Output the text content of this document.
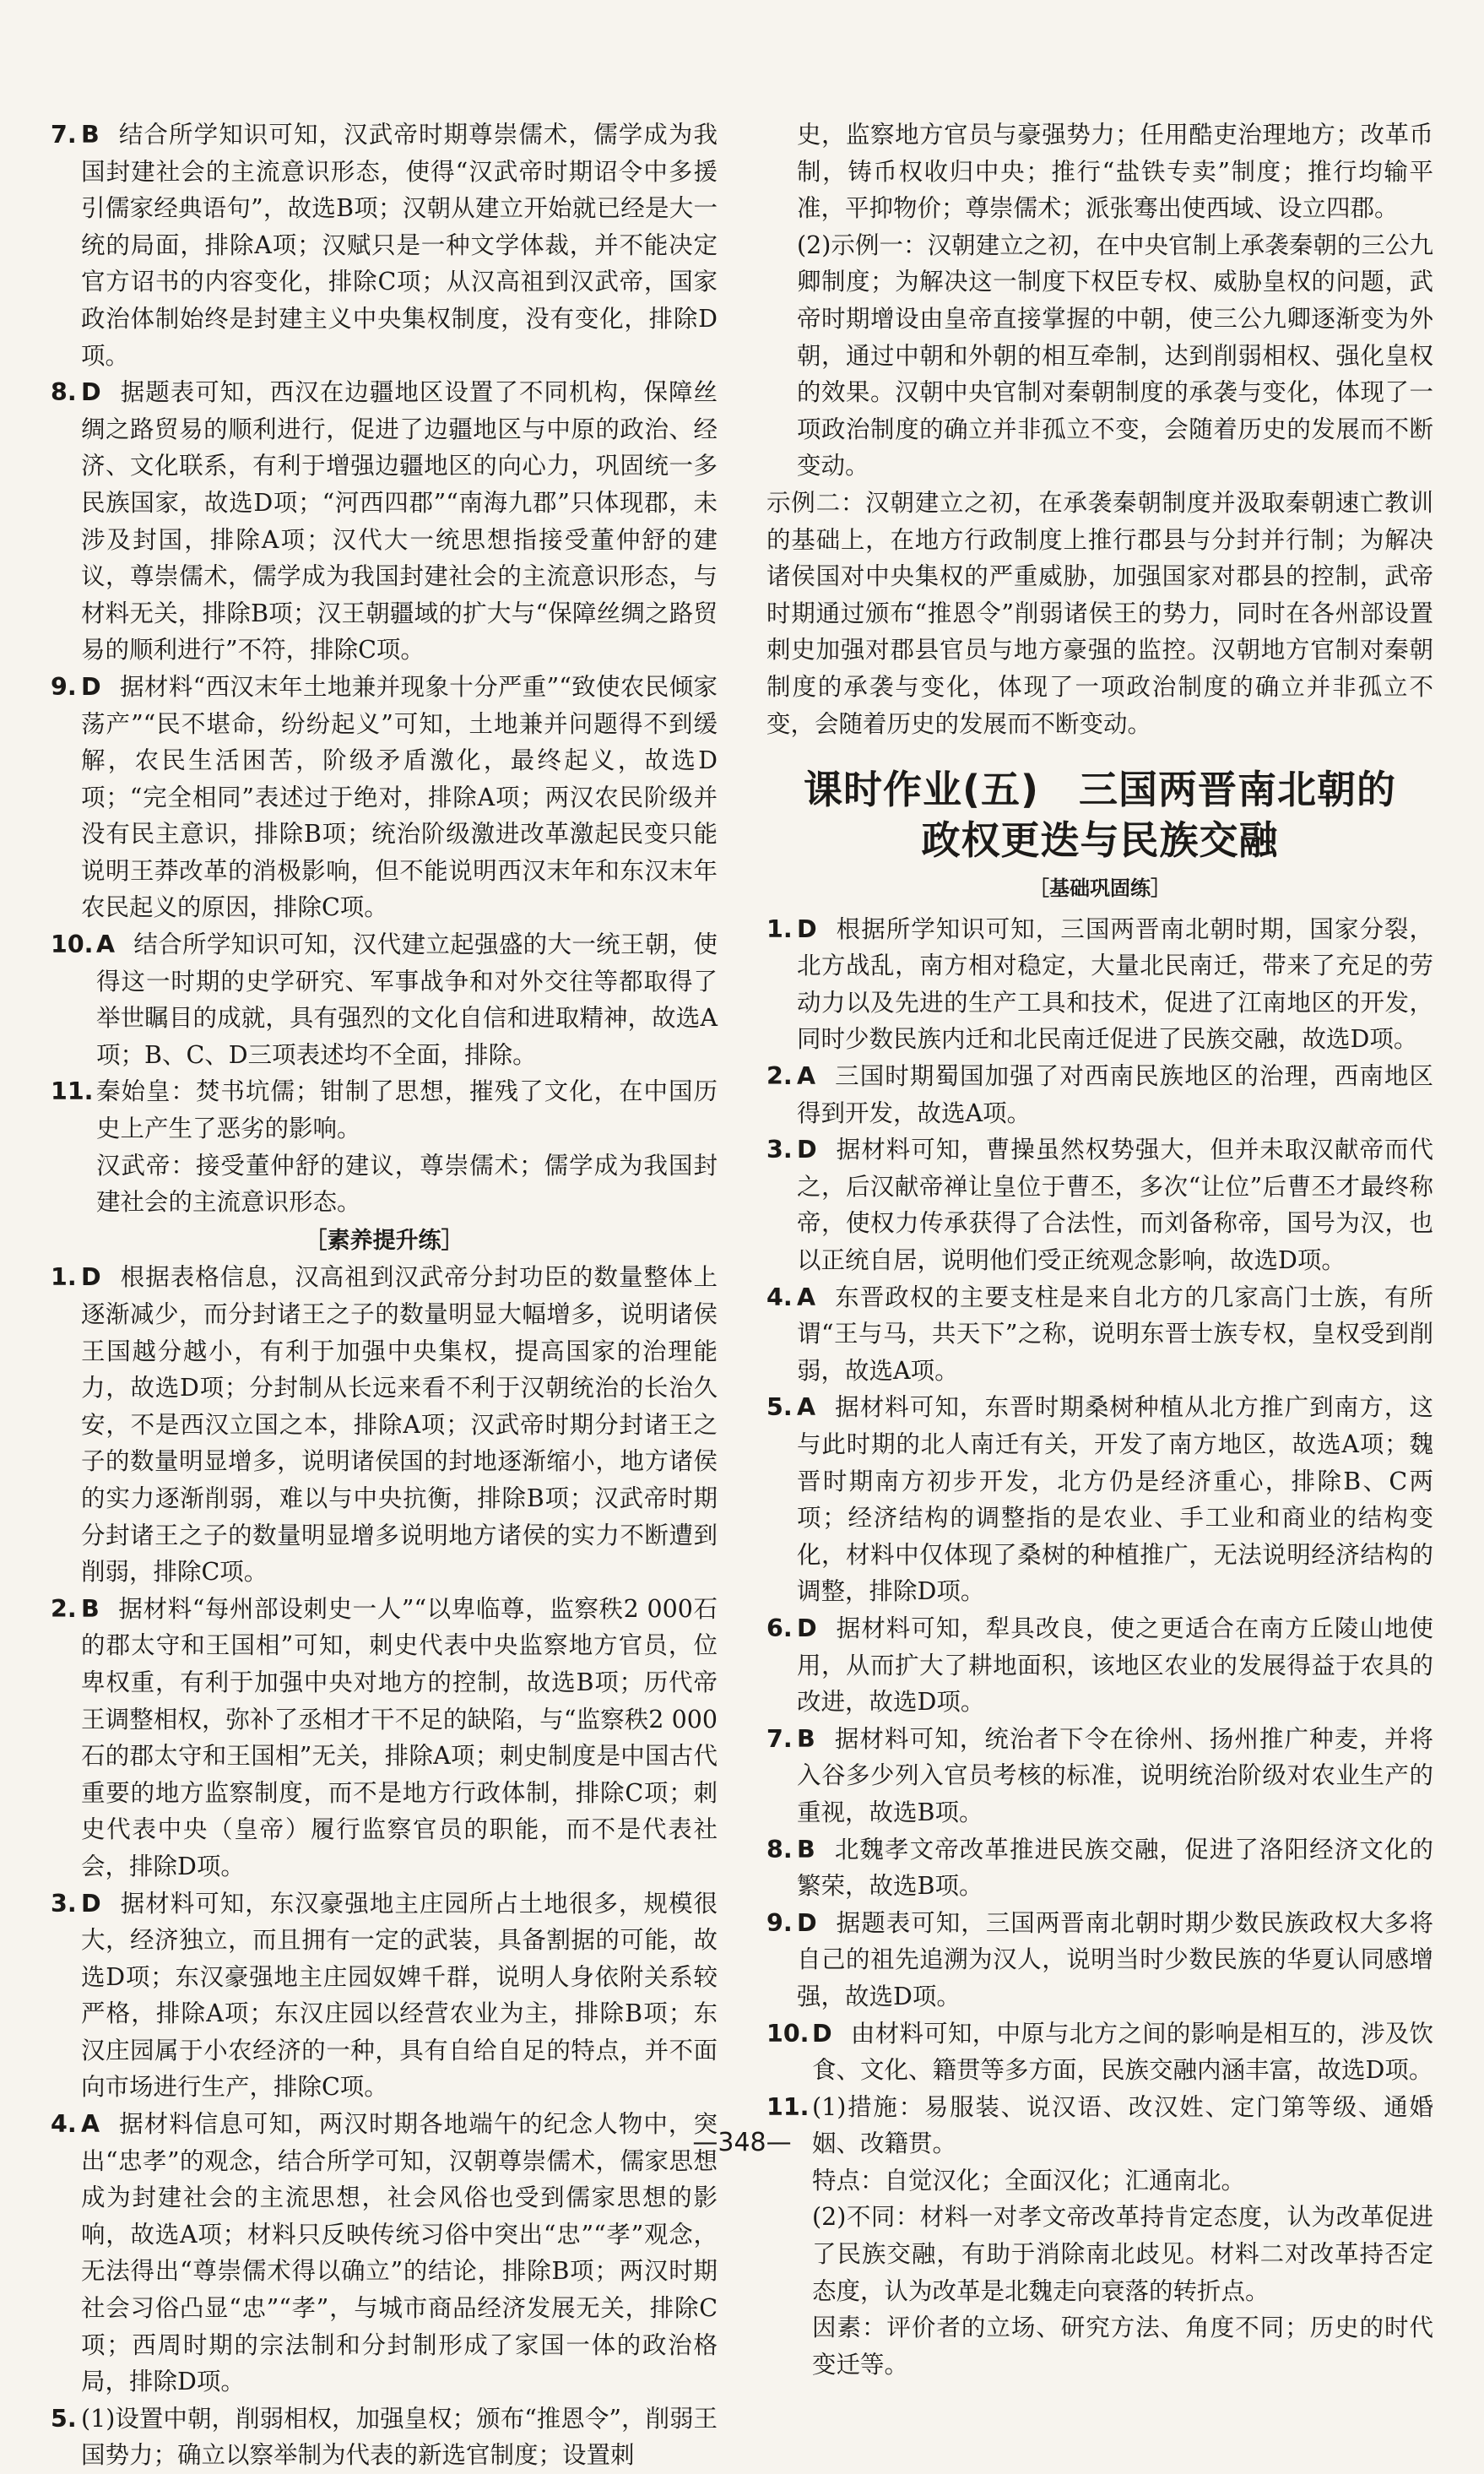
7. B 结合所学知识可知，汉武帝时期尊崇儒术，儒学成为我国封建社会的主流意识形态，使得“汉武帝时期诏令中多援引儒家经典语句”，故选B项；汉朝从建立开始就已经是大一统的局面，排除A项；汉赋只是一种文学体裁，并不能决定官方诏书的内容变化，排除C项；从汉高祖到汉武帝，国家政治体制始终是封建主义中央集权制度，没有变化，排除D项。
8. D 据题表可知，西汉在边疆地区设置了不同机构，保障丝绸之路贸易的顺利进行，促进了边疆地区与中原的政治、经济、文化联系，有利于增强边疆地区的向心力，巩固统一多民族国家，故选D项；“河西四郡”“南海九郡”只体现郡，未涉及封国，排除A项；汉代大一统思想指接受董仲舒的建议，尊崇儒术，儒学成为我国封建社会的主流意识形态，与材料无关，排除B项；汉王朝疆域的扩大与“保障丝绸之路贸易的顺利进行”不符，排除C项。
9. D 据材料“西汉末年土地兼并现象十分严重”“致使农民倾家荡产”“民不堪命，纷纷起义”可知，土地兼并问题得不到缓解，农民生活困苦，阶级矛盾激化，最终起义，故选D项；“完全相同”表述过于绝对，排除A项；两汉农民阶级并没有民主意识，排除B项；统治阶级激进改革激起民变只能说明王莽改革的消极影响，但不能说明西汉末年和东汉末年农民起义的原因，排除C项。
10. A 结合所学知识可知，汉代建立起强盛的大一统王朝，使得这一时期的史学研究、军事战争和对外交往等都取得了举世瞩目的成就，具有强烈的文化自信和进取精神，故选A项；B、C、D三项表述均不全面，排除。
11. 秦始皇：焚书坑儒；钳制了思想，摧残了文化，在中国历史上产生了恶劣的影响。

汉武帝：接受董仲舒的建议，尊崇儒术；儒学成为我国封建社会的主流意识形态。

［素养提升练］
1. D 根据表格信息，汉高祖到汉武帝分封功臣的数量整体上逐渐减少，而分封诸王之子的数量明显大幅增多，说明诸侯王国越分越小，有利于加强中央集权，提高国家的治理能力，故选D项；分封制从长远来看不利于汉朝统治的长治久安，不是西汉立国之本，排除A项；汉武帝时期分封诸王之子的数量明显增多，说明诸侯国的封地逐渐缩小，地方诸侯的实力逐渐削弱，难以与中央抗衡，排除B项；汉武帝时期分封诸王之子的数量明显增多说明地方诸侯的实力不断遭到削弱，排除C项。
2. B 据材料“每州部设刺史一人”“以卑临尊，监察秩2 000石的郡太守和王国相”可知，刺史代表中央监察地方官员，位卑权重，有利于加强中央对地方的控制，故选B项；历代帝王调整相权，弥补了丞相才干不足的缺陷，与“监察秩2 000石的郡太守和王国相”无关，排除A项；刺史制度是中国古代重要的地方监察制度，而不是地方行政体制，排除C项；刺史代表中央（皇帝）履行监察官员的职能，而不是代表社会，排除D项。
3. D 据材料可知，东汉豪强地主庄园所占土地很多，规模很大，经济独立，而且拥有一定的武装，具备割据的可能，故选D项；东汉豪强地主庄园奴婢千群，说明人身依附关系较严格，排除A项；东汉庄园以经营农业为主，排除B项；东汉庄园属于小农经济的一种，具有自给自足的特点，并不面向市场进行生产，排除C项。
4. A 据材料信息可知，两汉时期各地端午的纪念人物中，突出“忠孝”的观念，结合所学可知，汉朝尊崇儒术，儒家思想成为封建社会的主流思想，社会风俗也受到儒家思想的影响，故选A项；材料只反映传统习俗中突出“忠”“孝”观念，无法得出“尊崇儒术得以确立”的结论，排除B项；两汉时期社会习俗凸显“忠”“孝”，与城市商品经济发展无关，排除C项；西周时期的宗法制和分封制形成了家国一体的政治格局，排除D项。
5. (1)设置中朝，削弱相权，加强皇权；颁布“推恩令”，削弱王国势力；确立以察举制为代表的新选官制度；设置刺

史，监察地方官员与豪强势力；任用酷吏治理地方；改革币制，铸币权收归中央；推行“盐铁专卖”制度；推行均输平准，平抑物价；尊崇儒术；派张骞出使西域、设立四郡。

(2)示例一：汉朝建立之初，在中央官制上承袭秦朝的三公九卿制度；为解决这一制度下权臣专权、威胁皇权的问题，武帝时期增设由皇帝直接掌握的中朝，使三公九卿逐渐变为外朝，通过中朝和外朝的相互牵制，达到削弱相权、强化皇权的效果。汉朝中央官制对秦朝制度的承袭与变化，体现了一项政治制度的确立并非孤立不变，会随着历史的发展而不断变动。

示例二：汉朝建立之初，在承袭秦朝制度并汲取秦朝速亡教训的基础上，在地方行政制度上推行郡县与分封并行制；为解决诸侯国对中央集权的严重威胁，加强国家对郡县的控制，武帝时期通过颁布“推恩令”削弱诸侯王的势力，同时在各州部设置刺史加强对郡县官员与地方豪强的监控。汉朝地方官制对秦朝制度的承袭与变化，体现了一项政治制度的确立并非孤立不变，会随着历史的发展而不断变动。

课时作业(五)　三国两晋南北朝的
政权更迭与民族交融
［基础巩固练］
1. D 根据所学知识可知，三国两晋南北朝时期，国家分裂，北方战乱，南方相对稳定，大量北民南迁，带来了充足的劳动力以及先进的生产工具和技术，促进了江南地区的开发，同时少数民族内迁和北民南迁促进了民族交融，故选D项。
2. A 三国时期蜀国加强了对西南民族地区的治理，西南地区得到开发，故选A项。
3. D 据材料可知，曹操虽然权势强大，但并未取汉献帝而代之，后汉献帝禅让皇位于曹丕，多次“让位”后曹丕才最终称帝，使权力传承获得了合法性，而刘备称帝，国号为汉，也以正统自居，说明他们受正统观念影响，故选D项。
4. A 东晋政权的主要支柱是来自北方的几家高门士族，有所谓“王与马，共天下”之称，说明东晋士族专权，皇权受到削弱，故选A项。
5. A 据材料可知，东晋时期桑树种植从北方推广到南方，这与此时期的北人南迁有关，开发了南方地区，故选A项；魏晋时期南方初步开发，北方仍是经济重心，排除B、C两项；经济结构的调整指的是农业、手工业和商业的结构变化，材料中仅体现了桑树的种植推广，无法说明经济结构的调整，排除D项。
6. D 据材料可知，犁具改良，使之更适合在南方丘陵山地使用，从而扩大了耕地面积，该地区农业的发展得益于农具的改进，故选D项。
7. B 据材料可知，统治者下令在徐州、扬州推广种麦，并将入谷多少列入官员考核的标准，说明统治阶级对农业生产的重视，故选B项。
8. B 北魏孝文帝改革推进民族交融，促进了洛阳经济文化的繁荣，故选B项。
9. D 据题表可知，三国两晋南北朝时期少数民族政权大多将自己的祖先追溯为汉人，说明当时少数民族的华夏认同感增强，故选D项。
10. D 由材料可知，中原与北方之间的影响是相互的，涉及饮食、文化、籍贯等多方面，民族交融内涵丰富，故选D项。
11. (1)措施：易服装、说汉语、改汉姓、定门第等级、通婚姻、改籍贯。

特点：自觉汉化；全面汉化；汇通南北。

(2)不同：材料一对孝文帝改革持肯定态度，认为改革促进了民族交融，有助于消除南北歧见。材料二对改革持否定态度，认为改革是北魏走向衰落的转折点。

因素：评价者的立场、研究方法、角度不同；历史的时代变迁等。

—348—
